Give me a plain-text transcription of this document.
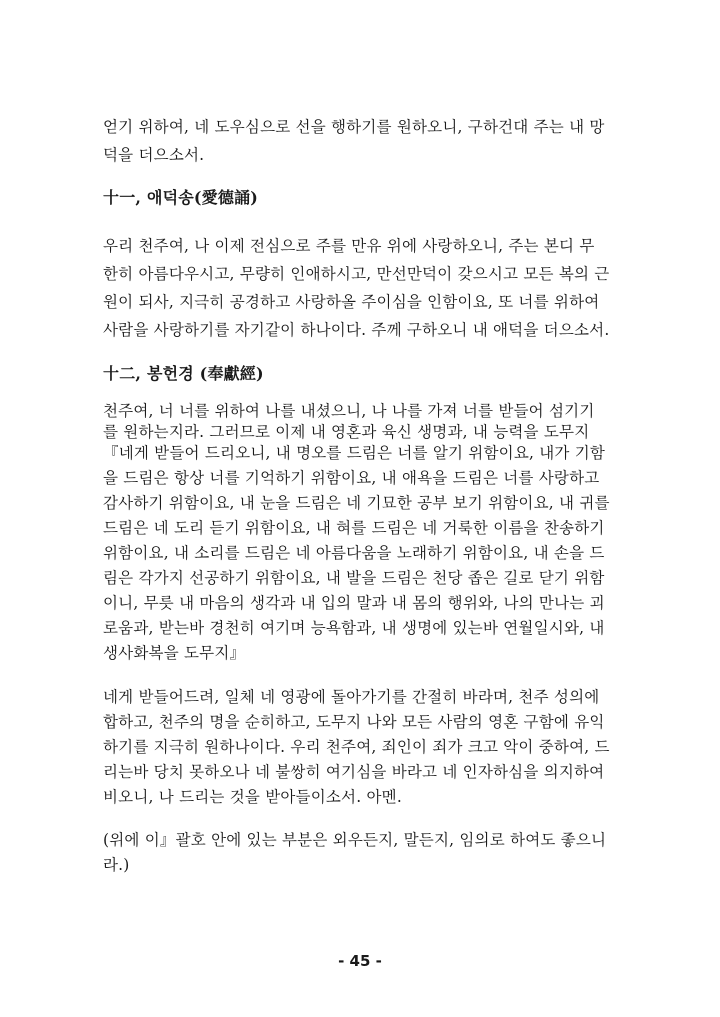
얻기 위하여, 네 도우심으로 선을 행하기를 원하오니, 구하건대 주는 내 망
덕을 더으소서.
十一, 애덕송(愛德誦)
우리 천주여, 나 이제 전심으로 주를 만유 위에 사랑하오니, 주는 본디 무
한히 아름다우시고, 무량히 인애하시고, 만선만덕이 갖으시고 모든 복의 근
원이 되사, 지극히 공경하고 사랑하올 주이심을 인함이요, 또 너를 위하여
사람을 사랑하기를 자기같이 하나이다. 주께 구하오니 내 애덕을 더으소서.
十二, 봉헌경 (奉獻經)
천주여, 너 너를 위하여 나를 내셨으니, 나 나를 가져 너를 받들어 섬기기
를 원하는지라. 그러므로 이제 내 영혼과 육신 생명과, 내 능력을 도무지
『네게 받들어 드리오니, 내 명오를 드림은 너를 알기 위함이요, 내가 기함
을 드림은 항상 너를 기억하기 위함이요, 내 애욕을 드림은 너를 사랑하고
감사하기 위함이요, 내 눈을 드림은 네 기묘한 공부 보기 위함이요, 내 귀를
드림은 네 도리 듣기 위함이요, 내 혀를 드림은 네 거룩한 이름을 찬송하기
위함이요, 내 소리를 드림은 네 아름다움을 노래하기 위함이요, 내 손을 드
림은 각가지 선공하기 위함이요, 내 발을 드림은 천당 좁은 길로 닫기 위함
이니, 무릇 내 마음의 생각과 내 입의 말과 내 몸의 행위와, 나의 만나는 괴
로움과, 받는바 경천히 여기며 능욕함과, 내 생명에 있는바 연월일시와, 내
생사화복을 도무지』
네게 받들어드려, 일체 네 영광에 돌아가기를 간절히 바라며, 천주 성의에
합하고, 천주의 명을 순히하고, 도무지 나와 모든 사람의 영혼 구함에 유익
하기를 지극히 원하나이다. 우리 천주여, 죄인이 죄가 크고 악이 중하여, 드
리는바 당치 못하오나 네 불쌍히 여기심을 바라고 네 인자하심을 의지하여
비오니, 나 드리는 것을 받아들이소서. 아멘.
(위에 이』괄호 안에 있는 부분은 외우든지, 말든지, 임의로 하여도 좋으니
라.)
- 45 -
